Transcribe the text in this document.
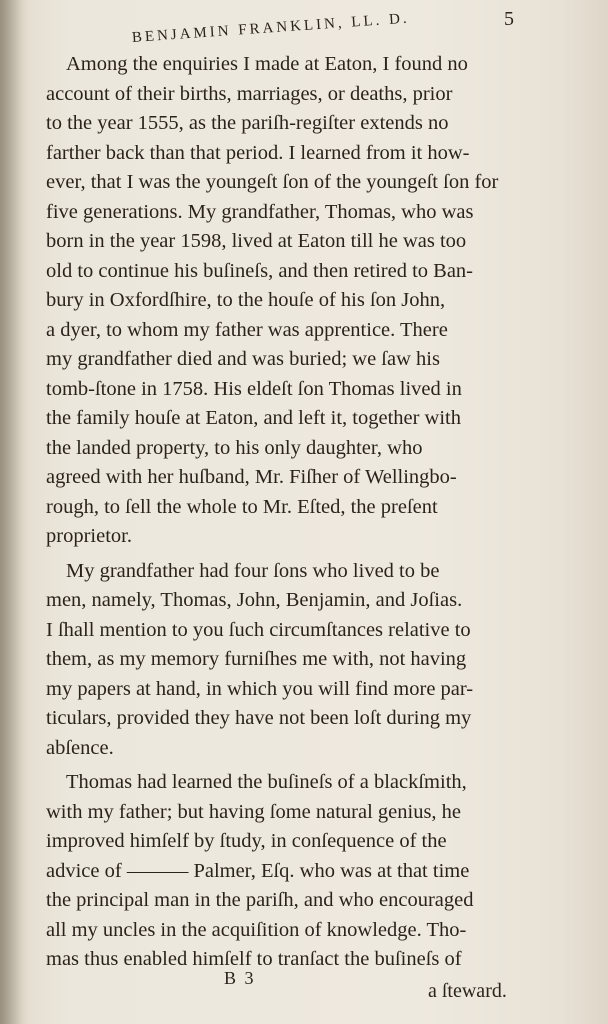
BENJAMIN FRANKLIN, LL. D.	5
Among the enquiries I made at Eaton, I found no
account of their births, marriages, or deaths, prior
to the year 1555, as the pariſh-regiſter extends no
farther back than that period. I learned from it how-
ever, that I was the youngeſt ſon of the youngeſt ſon for
five generations. My grandfather, Thomas, who was
born in the year 1598, lived at Eaton till he was too
old to continue his buſineſs, and then retired to Ban-
bury in Oxfordſhire, to the houſe of his ſon John,
a dyer, to whom my father was apprentice. There
my grandfather died and was buried; we ſaw his
tomb-ſtone in 1758. His eldeſt ſon Thomas lived in
the family houſe at Eaton, and left it, together with
the landed property, to his only daughter, who
agreed with her huſband, Mr. Fiſher of Wellingbo-
rough, to ſell the whole to Mr. Eſted, the preſent
proprietor.
My grandfather had four ſons who lived to be
men, namely, Thomas, John, Benjamin, and Joſias.
I ſhall mention to you ſuch circumſtances relative to
them, as my memory furniſhes me with, not having
my papers at hand, in which you will find more par-
ticulars, provided they have not been loſt during my
abſence.
Thomas had learned the buſineſs of a blackſmith,
with my father; but having ſome natural genius, he
improved himſelf by ſtudy, in conſequence of the
advice of ——— Palmer, Eſq. who was at that time
the principal man in the pariſh, and who encouraged
all my uncles in the acquiſition of knowledge. Tho-
mas thus enabled himſelf to tranſact the buſineſs of
B 3
a ſteward.
